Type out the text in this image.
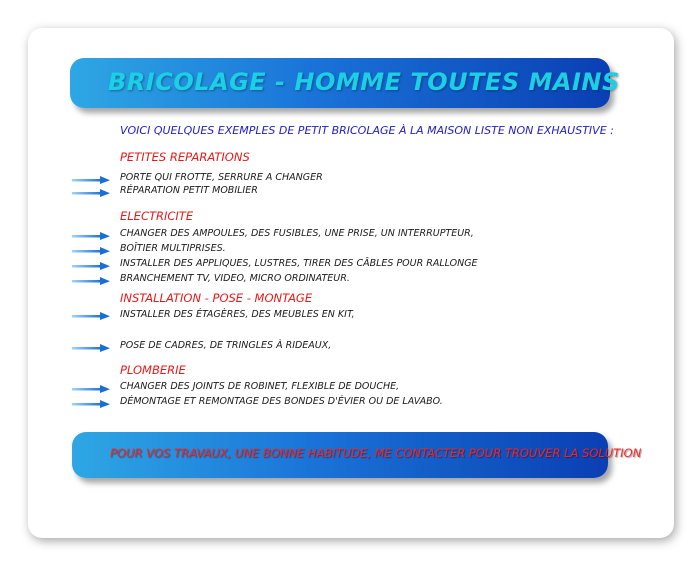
BRICOLAGE - HOMME TOUTES MAINS
VOICI QUELQUES EXEMPLES DE PETIT BRICOLAGE À LA MAISON LISTE NON EXHAUSTIVE :
PETITES REPARATIONS
PORTE QUI FROTTE, SERRURE A CHANGER
RÉPARATION PETIT MOBILIER
ELECTRICITE
CHANGER DES AMPOULES, DES FUSIBLES, UNE PRISE, UN INTERRUPTEUR,
BOÎTIER MULTIPRISES.
INSTALLER DES APPLIQUES, LUSTRES, TIRER DES CÂBLES POUR RALLONGE
BRANCHEMENT TV, VIDEO, MICRO ORDINATEUR.
INSTALLATION - POSE - MONTAGE
INSTALLER DES ÉTAGÈRES, DES MEUBLES EN KIT,
POSE DE CADRES, DE TRINGLES À RIDEAUX,
PLOMBERIE
CHANGER DES JOINTS DE ROBINET, FLEXIBLE DE DOUCHE,
DÉMONTAGE ET REMONTAGE DES BONDES D'ÉVIER OU DE LAVABO.
POUR VOS TRAVAUX, UNE BONNE HABITUDE, ME CONTACTER POUR TROUVER LA SOLUTION
